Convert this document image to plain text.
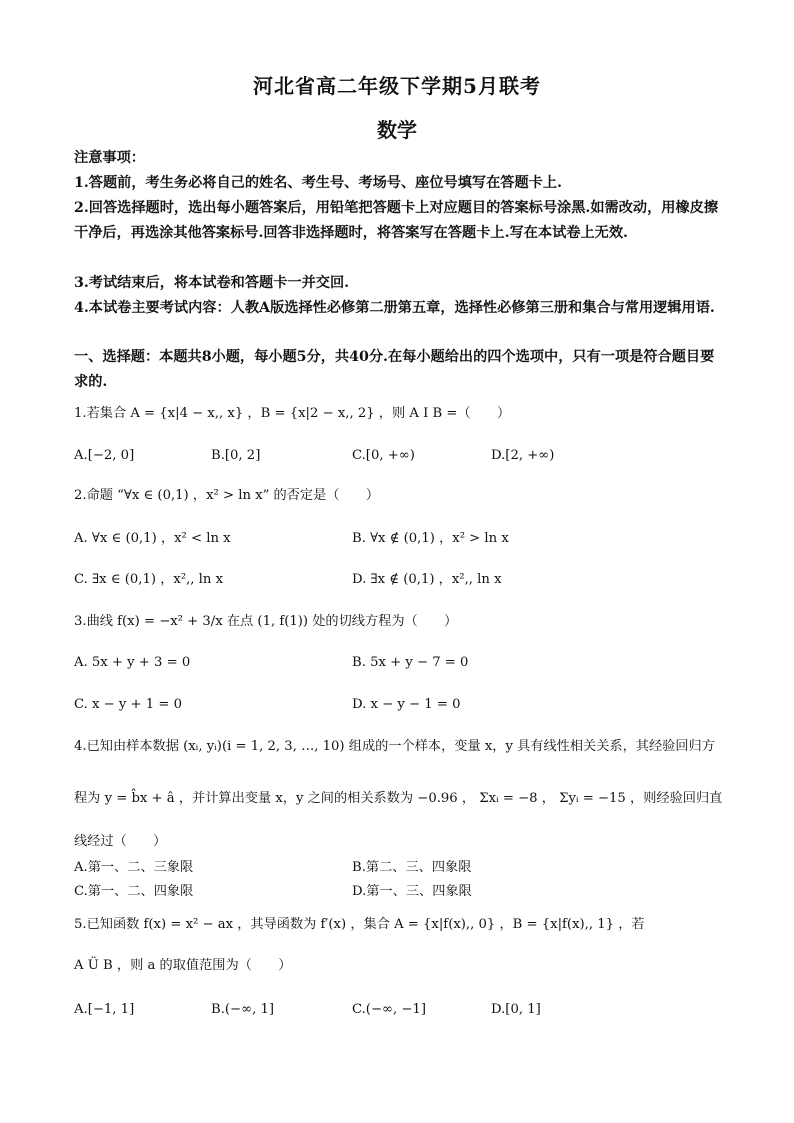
河北省高二年级下学期5月联考
数学
注意事项：
1.答题前，考生务必将自己的姓名、考生号、考场号、座位号填写在答题卡上.
2.回答选择题时，选出每小题答案后，用铅笔把答题卡上对应题目的答案标号涂黑.如需改动，用橡皮擦干净后，再选涂其他答案标号.回答非选择题时，将答案写在答题卡上.写在本试卷上无效.
3.考试结束后，将本试卷和答题卡一并交回.
4.本试卷主要考试内容：人教A版选择性必修第二册第五章，选择性必修第三册和集合与常用逻辑用语.
一、选择题：本题共8小题，每小题5分，共40分.在每小题给出的四个选项中，只有一项是符合题目要求的.
1.若集合 A = {x|4 − x,, x} ，B = {x|2 − x,, 2} ，则 A I B =（　　）
A.[−2, 0]	B.[0, 2]	C.[0, +∞)	D.[2, +∞)
2.命题 “∀x ∈ (0,1) ，x² > ln x” 的否定是（　　）
A. ∀x ∈ (0,1) ，x² < ln x	B. ∀x ∉ (0,1) ，x² > ln x
C. ∃x ∈ (0,1) ，x²,, ln x	D. ∃x ∉ (0,1) ，x²,, ln x
3.曲线 f(x) = −x² + 3/x 在点 (1, f(1)) 处的切线方程为（　　）
A. 5x + y + 3 = 0	B. 5x + y − 7 = 0
C. x − y + 1 = 0	D. x − y − 1 = 0
4.已知由样本数据 (xᵢ, yᵢ)(i = 1, 2, 3, …, 10) 组成的一个样本，变量 x，y 具有线性相关关系，其经验回归方
程为 y = b̂x + â ，并计算出变量 x，y 之间的相关系数为 −0.96 ， Σxᵢ = −8 ， Σyᵢ = −15 ，则经验回归直
线经过（　　）
A.第一、二、三象限	B.第二、三、四象限
C.第一、二、四象限	D.第一、三、四象限
5.已知函数 f(x) = x² − ax ，其导函数为 f′(x) ，集合 A = {x|f(x),, 0} ，B = {x|f(x),, 1} ，若
A Ü B ，则 a 的取值范围为（　　）
A.[−1, 1]	B.(−∞, 1]	C.(−∞, −1]	D.[0, 1]
